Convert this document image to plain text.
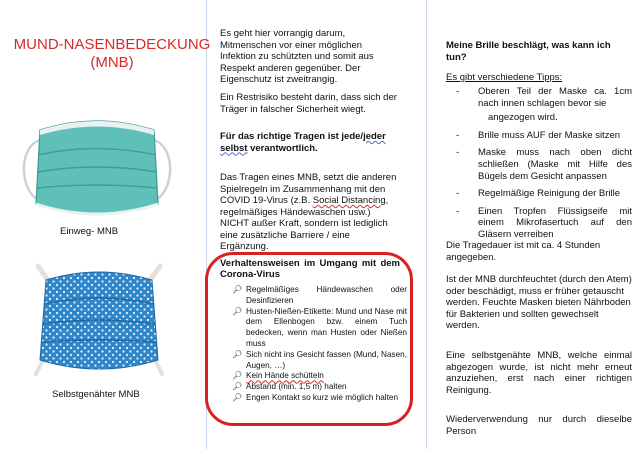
MUND-NASENBEDECKUNG
(MNB)
Einweg- MNB
Selbstgenähter MNB

Es geht hier vorrangig darum, Mitmenschen vor einer möglichen Infektion zu schützten und somit aus Respekt anderen gegenüber. Der Eigenschutz ist zweitrangig.

Ein Restrisiko besteht darin, dass sich der Träger in falscher Sicherheit wiegt.

Für das richtige Tragen ist jede/jeder selbst verantwortlich.

Das Tragen eines MNB, setzt die anderen Spielregeln im Zusammenhang mit den COVID 19-Virus (z.B. Social Distancing, regelmäßiges Händewaschen usw.) NICHT außer Kraft, sondern ist lediglich eine zusätzliche Barriere / eine Ergänzung.

Verhaltensweisen im Umgang mit dem Corona-Virus
🔎︎ Regelmäßiges Händewaschen oder Desinfizieren
🔎︎ Husten-Nießen-Etikette: Mund und Nase mit dem Ellenbogen bzw. einem Tuch bedecken, wenn man Husten oder Nießen muss
🔎︎ Sich nicht ins Gesicht fassen (Mund, Nasen, Augen, …)
🔎︎ Kein Hände schütteln
🔎︎ Abstand (min. 1,5 m) halten
🔎︎ Engen Kontakt so kurz wie möglich halten

Meine Brille beschlägt, was kann ich tun?

Es gibt verschiedene Tipps:

-	Oberen Teil der Maske ca. 1cm nach innen schlagen bevor sie
angezogen wird.
-	Brille muss AUF der Maske sitzen
-	Maske muss nach oben dicht schließen (Maske mit Hilfe des Bügels dem Gesicht anpassen
-	Regelmäßige Reinigung der Brille
-	Einen Tropfen Flüssigseife mit einem Mikrofasertuch auf den Gläsern verreiben

Die Tragedauer ist mit ca. 4 Stunden angegeben.

Ist der MNB durchfeuchtet (durch den Atem) oder beschädigt, muss er früher getauscht werden. Feuchte Masken bieten Nährboden für Bakterien und sollten gewechselt werden.

Eine selbstgenähte MNB, welche einmal abgezogen wurde, ist nicht mehr erneut anzuziehen, erst nach einer richtigen Reinigung.

Wiederverwendung nur durch dieselbe Person
